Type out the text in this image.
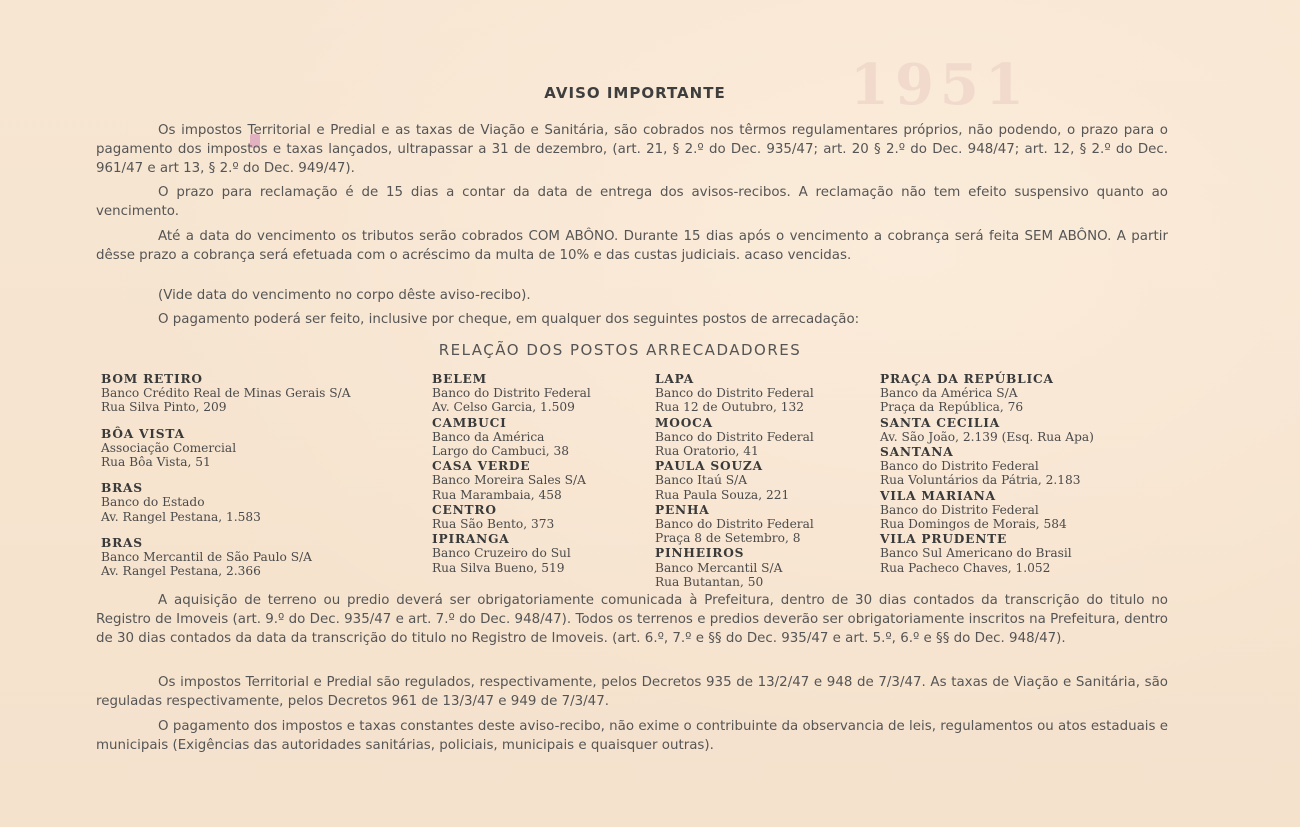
1951
AVISO IMPORTANTE
Os impostos Territorial e Predial e as taxas de Viação e Sanitária, são cobrados nos têrmos regulamentares próprios, não podendo, o prazo para o pagamento dos impostos e taxas lançados, ultrapassar a 31 de dezembro, (art. 21, § 2.º do Dec. 935/47; art. 20 § 2.º do Dec. 948/47; art. 12, § 2.º do Dec. 961/47 e art 13, § 2.º do Dec. 949/47).
O prazo para reclamação é de 15 dias a contar da data de entrega dos avisos-recibos. A reclamação não tem efeito suspensivo quanto ao vencimento.
Até a data do vencimento os tributos serão cobrados COM ABÔNO. Durante 15 dias após o vencimento a cobrança será feita SEM ABÔNO. A partir dêsse prazo a cobrança será efetuada com o acréscimo da multa de 10% e das custas judiciais. acaso vencidas.
(Vide data do vencimento no corpo dêste aviso-recibo).
O pagamento poderá ser feito, inclusive por cheque, em qualquer dos seguintes postos de arrecadação:
RELAÇÃO DOS POSTOS ARRECADADORES
BOM RETIRO
Banco Crédito Real de Minas Gerais S/A
Rua Silva Pinto, 209
BÔA VISTA
Associação Comercial
Rua Bôa Vista, 51
BRAS
Banco do Estado
Av. Rangel Pestana, 1.583
BRAS
Banco Mercantil de São Paulo S/A
Av. Rangel Pestana, 2.366
BELEM
Banco do Distrito Federal
Av. Celso Garcia, 1.509
CAMBUCI
Banco da América
Largo do Cambuci, 38
CASA VERDE
Banco Moreira Sales S/A
Rua Marambaia, 458
CENTRO
Rua São Bento, 373
IPIRANGA
Banco Cruzeiro do Sul
Rua Silva Bueno, 519
LAPA
Banco do Distrito Federal
Rua 12 de Outubro, 132
MOOCA
Banco do Distrito Federal
Rua Oratorio, 41
PAULA SOUZA
Banco Itaú S/A
Rua Paula Souza, 221
PENHA
Banco do Distrito Federal
Praça 8 de Setembro, 8
PINHEIROS
Banco Mercantil S/A
Rua Butantan, 50
PRAÇA DA REPÚBLICA
Banco da América S/A
Praça da República, 76
SANTA CECILIA
Av. São João, 2.139 (Esq. Rua Apa)
SANTANA
Banco do Distrito Federal
Rua Voluntários da Pátria, 2.183
VILA MARIANA
Banco do Distrito Federal
Rua Domingos de Morais, 584
VILA PRUDENTE
Banco Sul Americano do Brasil
Rua Pacheco Chaves, 1.052
A aquisição de terreno ou predio deverá ser obrigatoriamente comunicada à Prefeitura, dentro de 30 dias contados da transcrição do titulo no Registro de Imoveis (art. 9.º do Dec. 935/47 e art. 7.º do Dec. 948/47). Todos os terrenos e predios deverão ser obrigatoriamente inscritos na Prefeitura, dentro de 30 dias contados da data da transcrição do titulo no Registro de Imoveis. (art. 6.º, 7.º e §§ do Dec. 935/47 e art. 5.º, 6.º e §§ do Dec. 948/47).
Os impostos Territorial e Predial são regulados, respectivamente, pelos Decretos 935 de 13/2/47 e 948 de 7/3/47. As taxas de Viação e Sanitária, são reguladas respectivamente, pelos Decretos 961 de 13/3/47 e 949 de 7/3/47.
O pagamento dos impostos e taxas constantes deste aviso-recibo, não exime o contribuinte da observancia de leis, regulamentos ou atos estaduais e municipais (Exigências das autoridades sanitárias, policiais, municipais e quaisquer outras).
